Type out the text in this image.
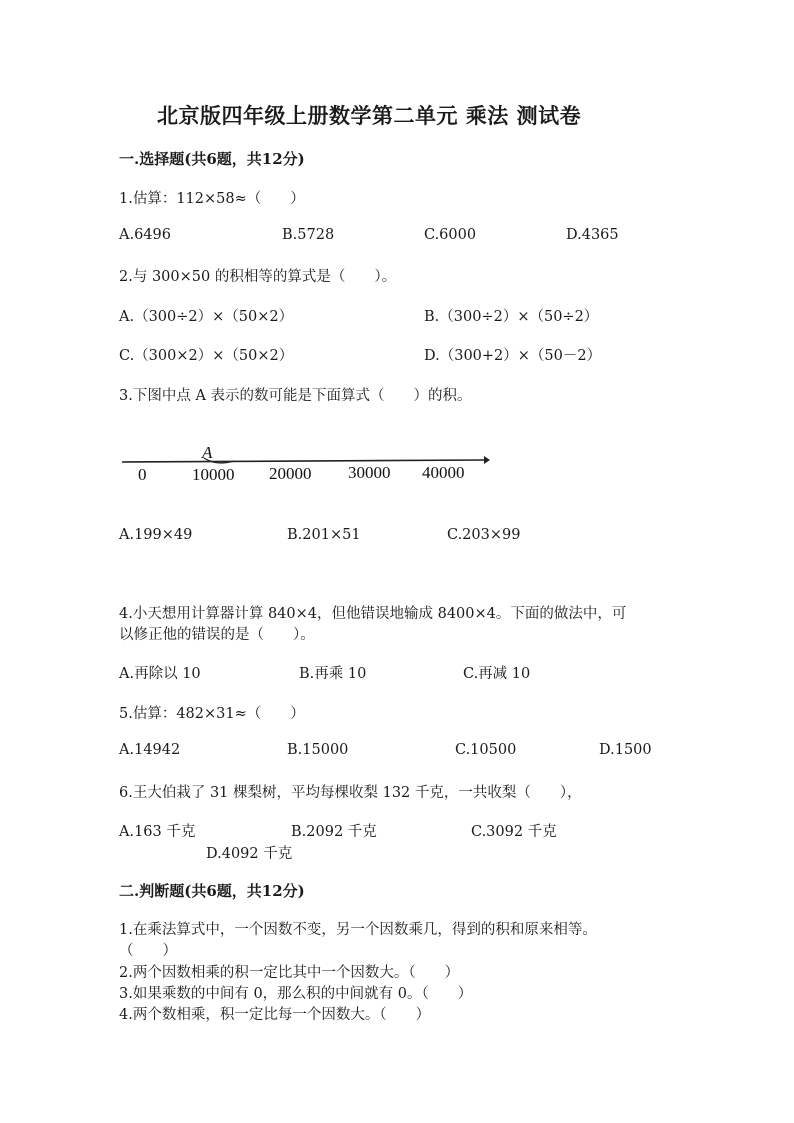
北京版四年级上册数学第二单元 乘法 测试卷
一.选择题(共6题，共12分)
1.估算：112×58≈（　　）
A.6496	B.5728	C.6000	D.4365
2.与 300×50 的积相等的算式是（　　）。
A.（300÷2）×（50×2）	B.（300÷2）×（50÷2）
C.（300×2）×（50×2）	D.（300+2）×（50－2）
3.下图中点 A 表示的数可能是下面算式（　　）的积。
A
0	10000 20000 30000 40000
A.199×49	B.201×51	C.203×99
4.小天想用计算器计算 840×4，但他错误地输成 8400×4。下面的做法中，可
以修正他的错误的是（　　）。
A.再除以 10	B.再乘 10	C.再减 10
5.估算：482×31≈（　　）
A.14942	B.15000	C.10500	D.1500
6.王大伯栽了 31 棵梨树，平均每棵收梨 132 千克，一共收梨（　　），
A.163 千克	B.2092 千克	C.3092 千克
D.4092 千克
二.判断题(共6题，共12分)
1.在乘法算式中，一个因数不变，另一个因数乘几，得到的积和原来相等。
（　　）
2.两个因数相乘的积一定比其中一个因数大。（　　）
3.如果乘数的中间有 0，那么积的中间就有 0。（　　）
4.两个数相乘，积一定比每一个因数大。（　　）
